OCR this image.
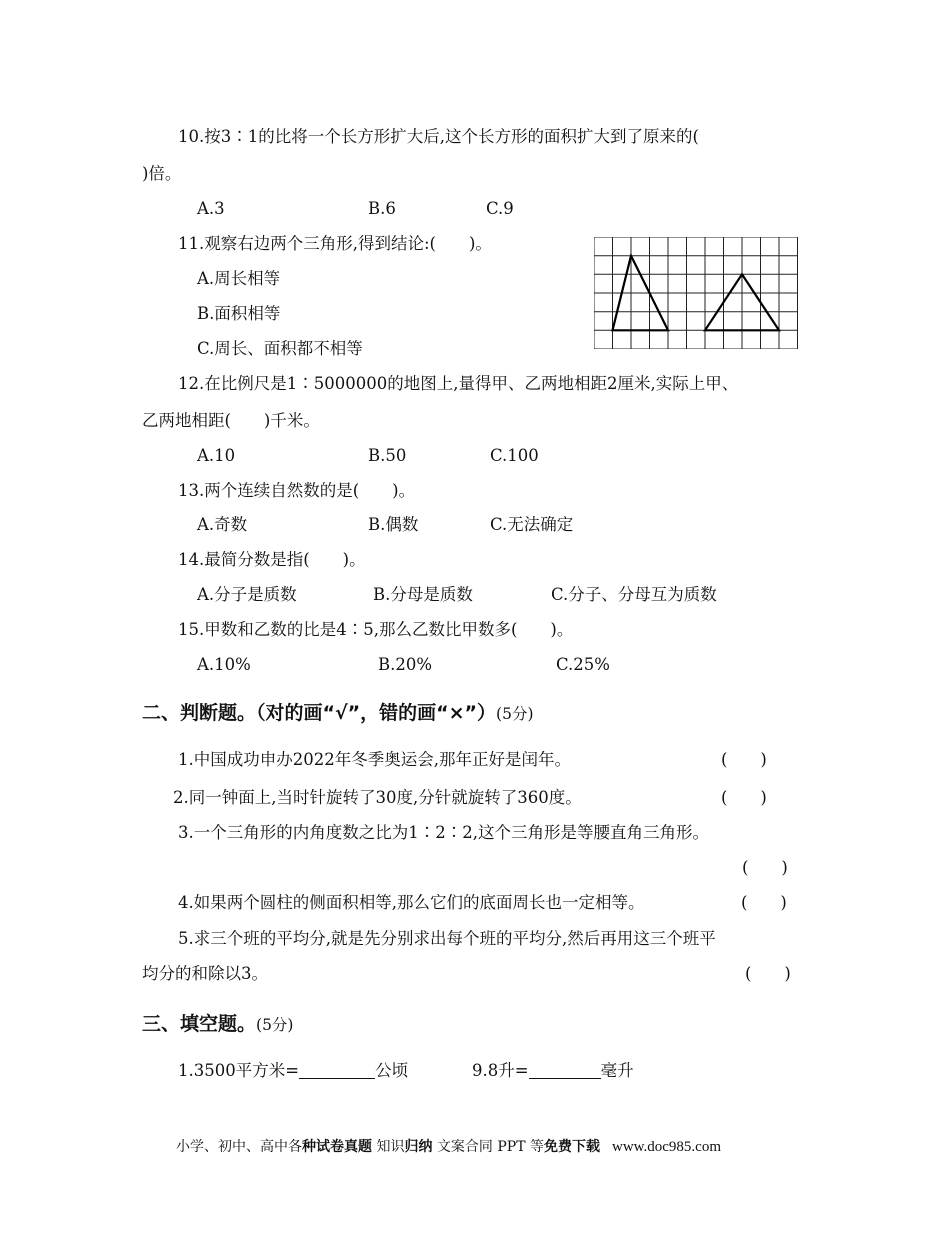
10.按3∶1的比将一个长方形扩大后,这个长方形的面积扩大到了原来的(
)倍。
A.3	B.6	C.9
11.观察右边两个三角形,得到结论:(　　)。
A.周长相等
B.面积相等
C.周长、面积都不相等
12.在比例尺是1∶5000000的地图上,量得甲、乙两地相距2厘米,实际上甲、
乙两地相距(　　)千米。
A.10	B.50	C.100
13.两个连续自然数的是(　　)。
A.奇数	B.偶数	C.无法确定
14.最简分数是指(　　)。
A.分子是质数	B.分母是质数	C.分子、分母互为质数
15.甲数和乙数的比是4∶5,那么乙数比甲数多(　　)。
A.10%	B.20%	C.25%
二、判断题。（对的画“√”，错的画“×”）(5分)
1.中国成功申办2022年冬季奥运会,那年正好是闰年。	(　　)
2.同一钟面上,当时针旋转了30度,分针就旋转了360度。	(　　)
3.一个三角形的内角度数之比为1∶2∶2,这个三角形是等腰直角三角形。
(　　)
4.如果两个圆柱的侧面积相等,那么它们的底面周长也一定相等。	(　　)
5.求三个班的平均分,就是先分别求出每个班的平均分,然后再用这三个班平
均分的和除以3。	(　　)
三、填空题。(5分)
1.3500平方米=	公顷	9.8升=	毫升
小学、初中、高中各种试卷真题 知识归纳 文案合同 PPT 等免费下载 www.doc985.com
